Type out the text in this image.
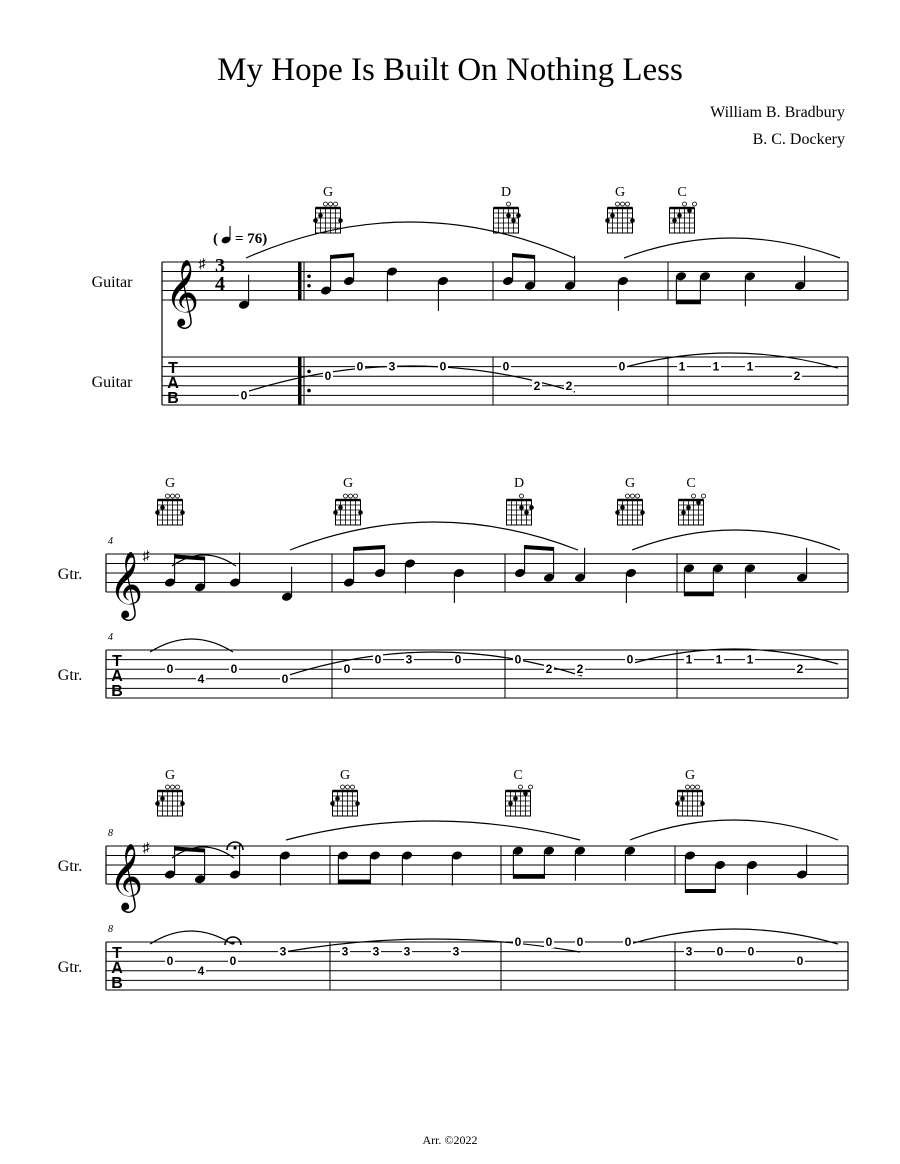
My Hope Is Built On Nothing Less
William B. Bradbury
B. C. Dockery
Guitar
Guitar
𝄞 ♯
T
A
B
G	D	G	C
Gtr.
Gtr.
4
4
𝄞 ♯
T
A
B
G	G	D	G	C
Gtr.
Gtr.
8
8
𝄞 ♯
T
A
B
G	G	C	G
3
4
( = 76)
0
0
0 3	0	0
2 2
0	1 1 1
2
0
4
0
0
0
0 3	0	0
2 2
0	1 1 1
2
0
4
0
3	3 3 3	3
0 0 0	0
3 0 0
0
Arr. ©2022
